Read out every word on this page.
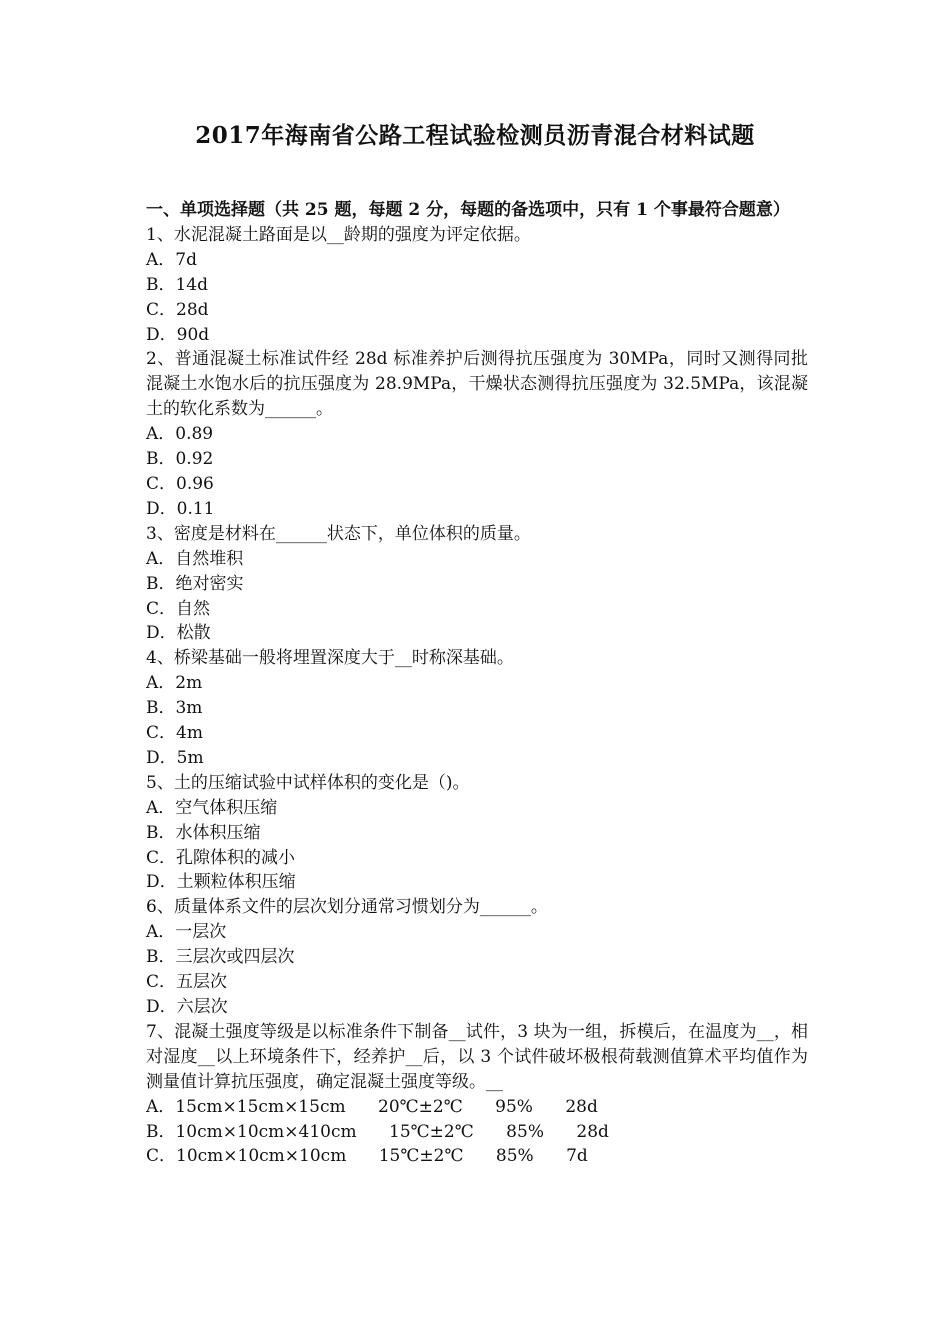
2017年海南省公路工程试验检测员沥青混合材料试题

一、单项选择题（共 25 题，每题 2 分，每题的备选项中，只有 1 个事最符合题意）

1、水泥混凝土路面是以__龄期的强度为评定依据。

A．7d

B．14d

C．28d

D．90d

2、普通混凝土标准试件经 28d 标准养护后测得抗压强度为 30MPa，同时又测得同批混凝土水饱水后的抗压强度为 28.9MPa，干燥状态测得抗压强度为 32.5MPa，该混凝土的软化系数为______。

A．0.89

B．0.92

C．0.96

D．0.11

3、密度是材料在______状态下，单位体积的质量。

A．自然堆积

B．绝对密实

C．自然

D．松散

4、桥梁基础一般将埋置深度大于__时称深基础。

A．2m

B．3m

C．4m

D．5m

5、土的压缩试验中试样体积的变化是（)。

A．空气体积压缩

B．水体积压缩

C．孔隙体积的减小

D．土颗粒体积压缩

6、质量体系文件的层次划分通常习惯划分为______。

A．一层次

B．三层次或四层次

C．五层次

D．六层次

7、混凝土强度等级是以标准条件下制备__试件，3 块为一组，拆模后，在温度为__，相对湿度__以上环境条件下，经养护__后，以 3 个试件破坏极根荷载测值算术平均值作为测量值计算抗压强度，确定混凝土强度等级。__

A．15cm×15cm×15cm      20℃±2℃      95%      28d

B．10cm×10cm×410cm      15℃±2℃      85%      28d

C．10cm×10cm×10cm      15℃±2℃      85%      7d
